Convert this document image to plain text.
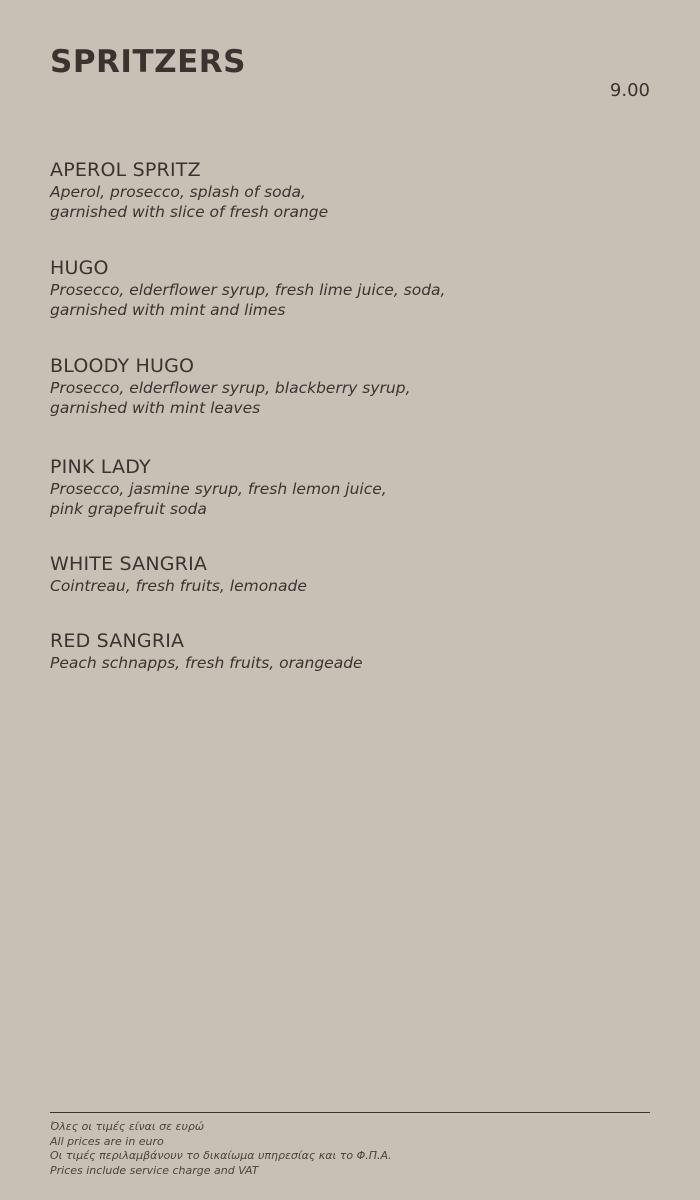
SPRITZERS
9.00
APEROL SPRITZ
Aperol, prosecco, splash of soda,
garnished with slice of fresh orange
HUGO
Prosecco, elderflower syrup, fresh lime juice, soda,
garnished with mint and limes
BLOODY HUGO
Prosecco, elderflower syrup, blackberry syrup,
garnished with mint leaves
PINK LADY
Prosecco, jasmine syrup, fresh lemon juice,
pink grapefruit soda
WHITE SANGRIA
Cointreau, fresh fruits, lemonade
RED SANGRIA
Peach schnapps, fresh fruits, orangeade
Όλες οι τιμές είναι σε ευρώ
All prices are in euro
Οι τιμές περιλαμβάνουν το δικαίωμα υπηρεσίας και το Φ.Π.Α.
Prices include service charge and VAT
